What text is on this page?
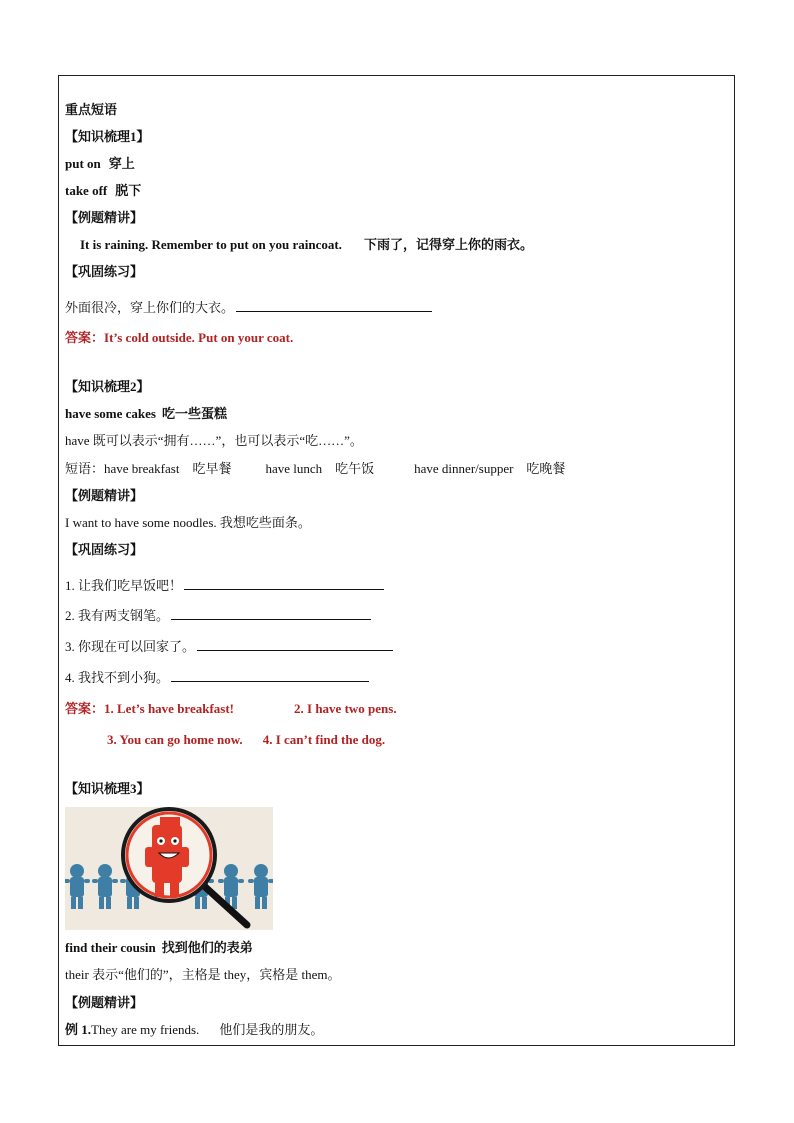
重点短语
【知识梳理1】
put on 穿上
take off 脱下
【例题精讲】
It is raining. Remember to put on you raincoat. 下雨了，记得穿上你的雨衣。
【巩固练习】
外面很冷，穿上你们的大衣。
答案：It’s cold outside. Put on your coat.
【知识梳理2】
have some cakes 吃一些蛋糕
have 既可以表示“拥有……”，也可以表示“吃……”。
短语：have breakfast　吃早餐	have lunch　吃午饭	have dinner/supper　吃晚餐
【例题精讲】
I want to have some noodles. 我想吃些面条。
【巩固练习】
1. 让我们吃早饭吧！
2. 我有两支钢笔。
3. 你现在可以回家了。
4. 我找不到小狗。
答案：1. Let’s have breakfast!	2. I have two pens.
3. You can go home now. 4. I can’t find the dog.
【知识梳理3】
find their cousin 找到他们的表弟
their 表示“他们的”，主格是 they，宾格是 them。
【例题精讲】
例 1.They are my friends. 他们是我的朋友。
